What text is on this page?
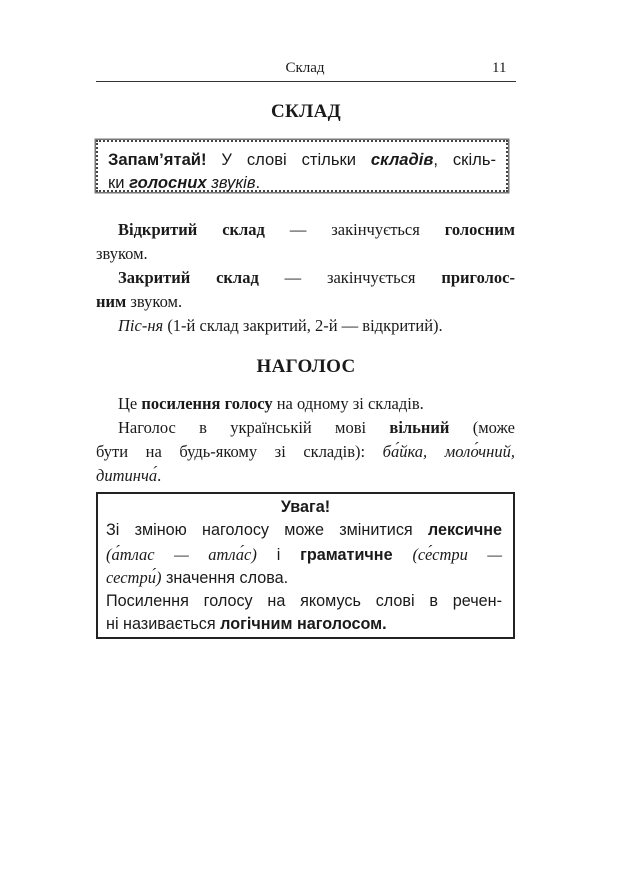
Склад	11
СКЛАД
Запам’ятай! У слові стільки складів, скіль-
ки голосних звуків.
Відкритий склад — закінчується голосним
звуком.
Закритий склад — закінчується приголос-
ним звуком.
Піс-ня (1-й склад закритий, 2-й — відкритий).
НАГОЛОС
Це посилення голосу на одному зі складів.
Наголос в українській мові вільний (може
бути на будь-якому зі складів): ба́йка, моло́чний,
дитинча́.
Увага!
Зі зміною наголосу може змінитися лексичне
(а́тлас — атла́с) і граматичне (се́стри —
сестри́) значення слова.
Посилення голосу на якомусь слові в речен-
ні називається логічним наголосом.
